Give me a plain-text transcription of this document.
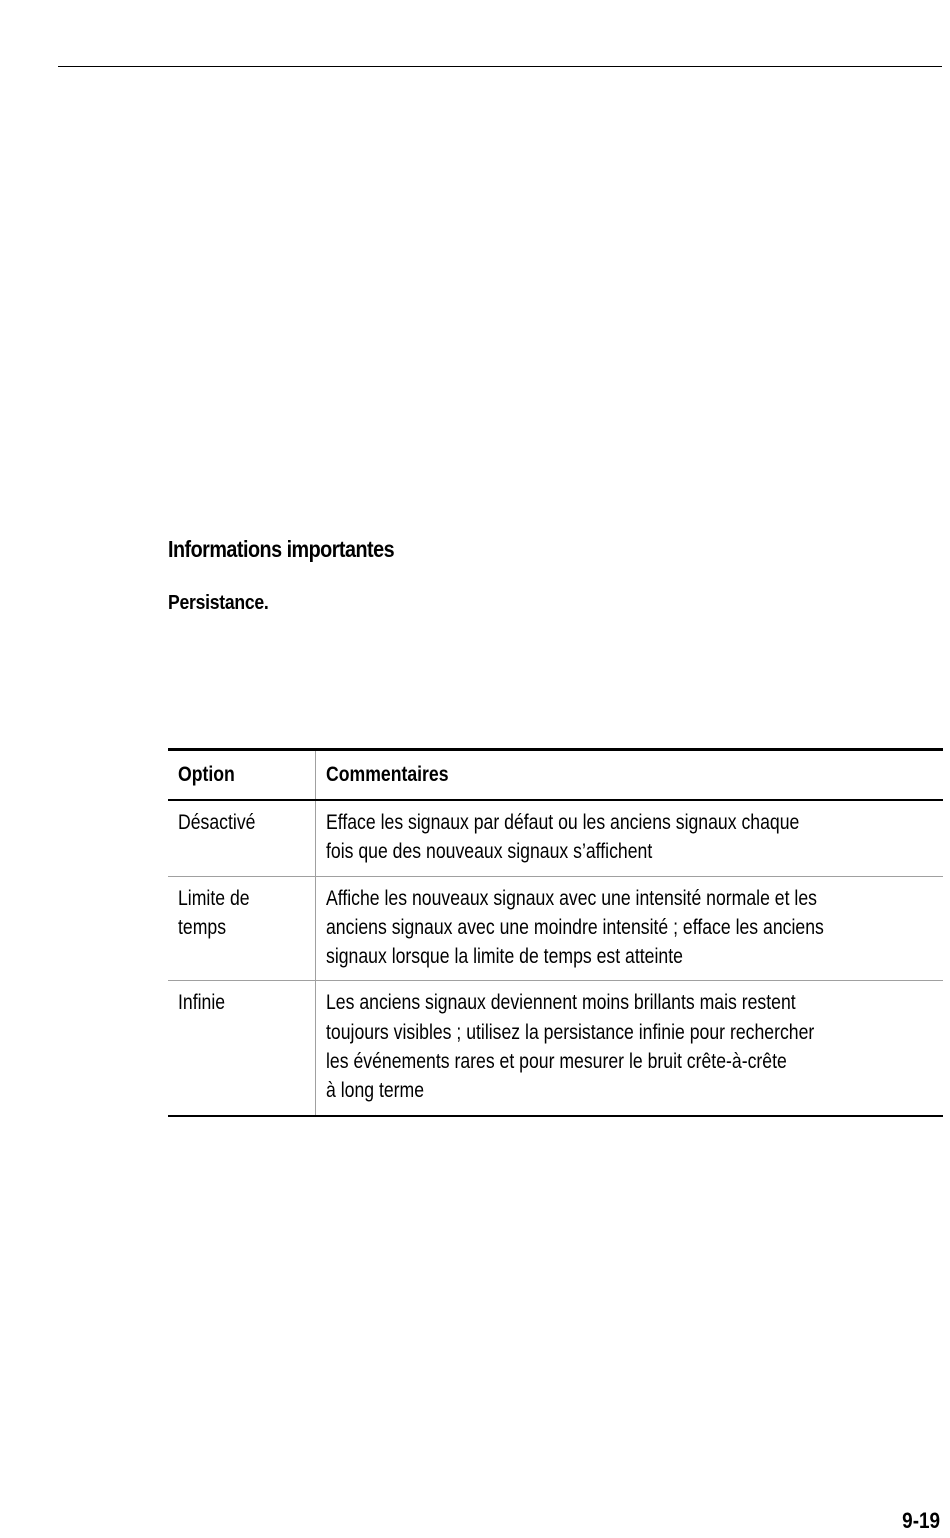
Informations importantes
Persistance.
Option	Commentaires

Désactivé	Efface les signaux par défaut ou les anciens signaux chaque
fois que des nouveaux signaux s’affichent

Limite de
temps	Affiche les nouveaux signaux avec une intensité normale et les
anciens signaux avec une moindre intensité ; efface les anciens
signaux lorsque la limite de temps est atteinte

Infinie	Les anciens signaux deviennent moins brillants mais restent
toujours visibles ; utilisez la persistance infinie pour rechercher
les événements rares et pour mesurer le bruit crête-à-crête
à long terme

9-19
